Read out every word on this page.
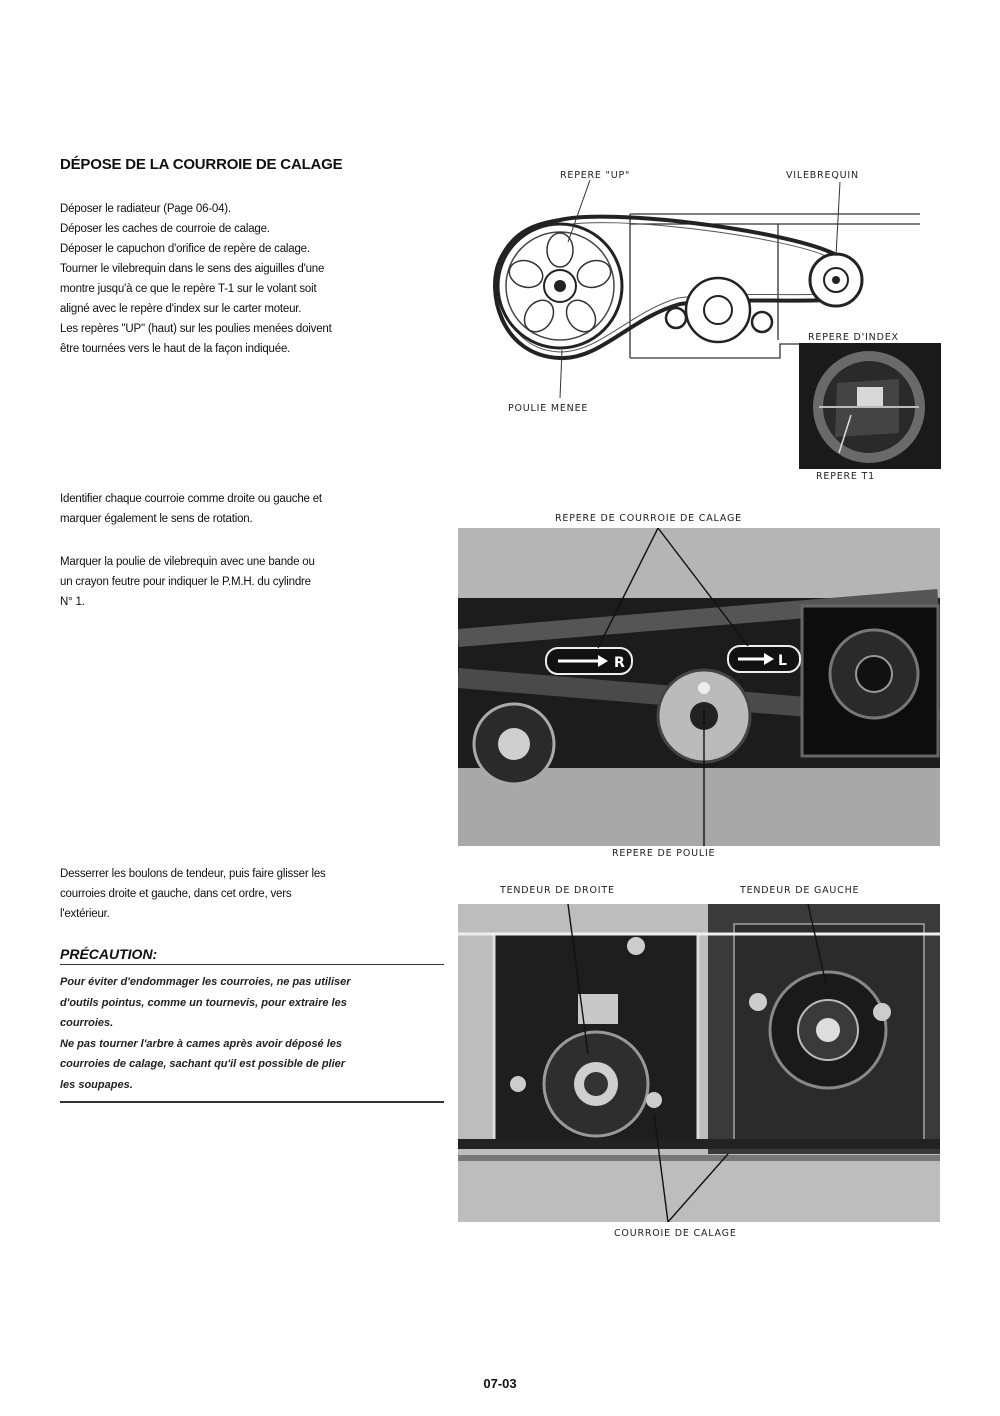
DÉPOSE DE LA COURROIE DE CALAGE

Déposer le radiateur (Page 06-04).

Déposer les caches de courroie de calage.

Déposer le capuchon d'orifice de repère de calage.

Tourner le vilebrequin dans le sens des aiguilles d'une

montre jusqu'à ce que le repère T-1 sur le volant soit

aligné avec le repère d'index sur le carter moteur.

Les repères "UP" (haut) sur les poulies menées doivent

être tournées vers le haut de la façon indiquée.

REPERE "UP"	VILEBREQUIN
POULIE MENEE
REPERE D'INDEX
REPERE T1

Identifier chaque courroie comme droite ou gauche et

marquer également le sens de rotation.

Marquer la poulie de vilebrequin avec une bande ou

un crayon feutre pour indiquer le P.M.H. du cylindre

N° 1.

REPERE DE COURROIE DE CALAGE
REPERE DE POULIE
R	L

Desserrer les boulons de tendeur, puis faire glisser les

courroies droite et gauche, dans cet ordre, vers

l'extérieur.

PRÉCAUTION:

Pour éviter d'endommager les courroies, ne pas utiliser

d'outils pointus, comme un tournevis, pour extraire les

courroies.

Ne pas tourner l'arbre à cames après avoir déposé les

courroies de calage, sachant qu'il est possible de plier

les soupapes.

TENDEUR DE DROITE	TENDEUR DE GAUCHE
COURROIE DE CALAGE
07-03
